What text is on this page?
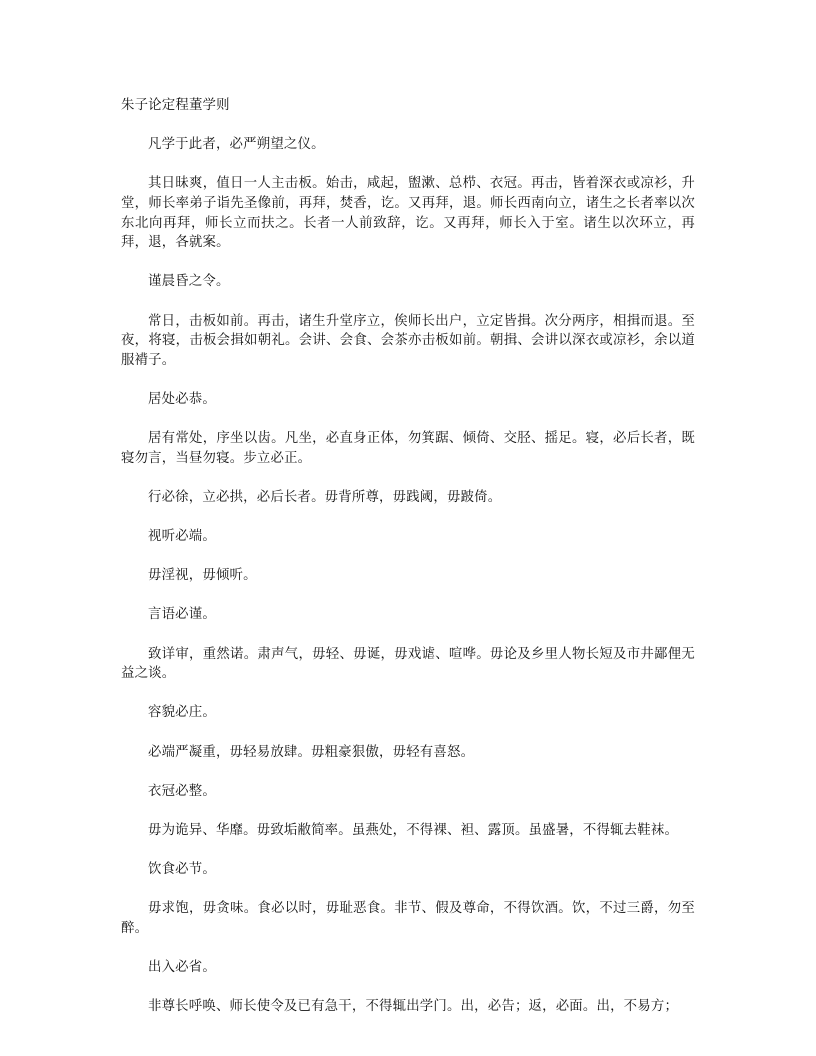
朱子论定程董学则

凡学于此者，必严朔望之仪。

其日昧爽，值日一人主击板。始击，咸起，盥漱、总栉、衣冠。再击，皆着深衣或凉衫，升堂，师长率弟子诣先圣像前，再拜，焚香，讫。又再拜，退。师长西南向立，诸生之长者率以次东北向再拜，师长立而扶之。长者一人前致辞，讫。又再拜，师长入于室。诸生以次环立，再拜，退，各就案。

谨晨昏之令。

常日，击板如前。再击，诸生升堂序立，俟师长出户，立定皆揖。次分两序，相揖而退。至夜，将寝，击板会揖如朝礼。会讲、会食、会茶亦击板如前。朝揖、会讲以深衣或凉衫，余以道服褙子。

居处必恭。

居有常处，序坐以齿。凡坐，必直身正体，勿箕踞、倾倚、交胫、摇足。寝，必后长者，既寝勿言，当昼勿寝。步立必正。

行必徐，立必拱，必后长者。毋背所尊，毋践阈，毋跛倚。

视听必端。

毋淫视，毋倾听。

言语必谨。

致详审，重然诺。肃声气，毋轻、毋诞，毋戏谑、喧哗。毋论及乡里人物长短及市井鄙俚无益之谈。

容貌必庄。

必端严凝重，毋轻易放肆。毋粗豪狠傲，毋轻有喜怒。

衣冠必整。

毋为诡异、华靡。毋致垢敝简率。虽燕处，不得裸、袒、露顶。虽盛暑，不得辄去鞋袜。

饮食必节。

毋求饱，毋贪味。食必以时，毋耻恶食。非节、假及尊命，不得饮酒。饮，不过三爵，勿至醉。

出入必省。

非尊长呼唤、师长使令及已有急干，不得辄出学门。出，必告；返，必面。出，不易方；
